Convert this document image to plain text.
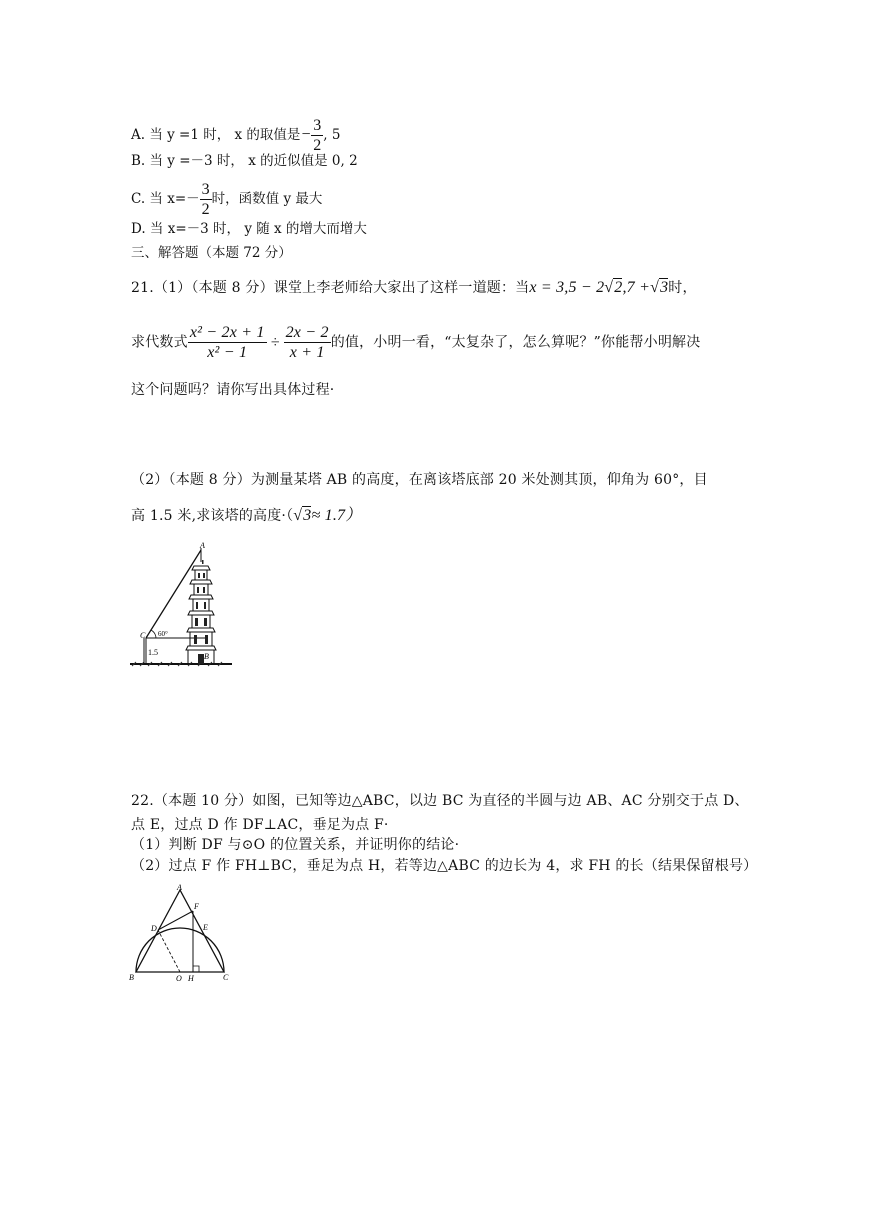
A. 当 y =1 时， x 的取值是− $\frac{3}{2}$ , 5
B. 当 y =－3 时， x 的近似值是 0, 2
C. 当 $x=- \frac{3}{2}$ 时，函数值 y 最大
D. 当 x=－3 时， y 随 x 的增大而增大
三、解答题（本题 72 分）
21.（1）（本题 8 分）课堂上李老师给大家出了这样一道题：当x = 3,5 − 2√2,7 +√3时，
求代数式 $\frac{\text{x² − 2x + 1}}{\text{x² − 1}} \div \frac{2x - 2}{x + 1}$ 的值，小明一看，“太复杂了，怎么算呢？”你能帮小明解决
这个问题吗？请你写出具体过程·
（2）（本题 8 分）为测量某塔 AB 的高度，在离该塔底部 20 米处测其顶，仰角为 60°，目
高 1.5 米,求该塔的高度·（√3≈ 1.7）
A
B
C 60°
1.5
22.（本题 10 分）如图，已知等边△ABC，以边 BC 为直径的半圆与边 AB、AC 分别交于点 D、
点 E，过点 D 作 DF⊥AC，垂足为点 F·
（1）判断 DF 与⊙O 的位置关系，并证明你的结论·
（2）过点 F 作 FH⊥BC，垂足为点 H，若等边△ABC 的边长为 4，求 FH 的长（结果保留根号）
A
B	C
D	E
F
O H
